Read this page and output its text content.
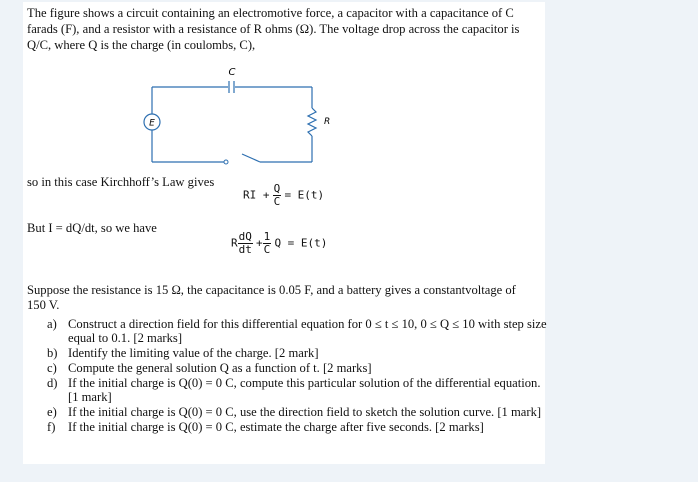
The figure shows a circuit containing an electromotive force, a capacitor with a capacitance of C farads (F), and a resistor with a resistance of R ohms (Ω). The voltage drop across the capacitor is Q/C, where Q is the charge (in coulombs, C),
C
E	R
so in this case Kirchhoff’s Law gives
RI + $\frac{Q}{C} = E(t)$
But I = dQ/dt, so we have
R $\frac{dQ}{dt} + \frac{1}{C}$ Q = E(t)
Suppose the resistance is 15 Ω, the capacitance is 0.05 F, and a battery gives a constantvoltage of 150 V.
a) Construct a direction field for this differential equation for 0 ≤ t ≤ 10, 0 ≤ Q ≤ 10 with step size equal to 0.1. [2 marks]
b) Identify the limiting value of the charge. [2 mark]
c) Compute the general solution Q as a function of t. [2 marks]
d) If the initial charge is Q(0) = 0 C, compute this particular solution of the differential equation. [1 mark]
e) If the initial charge is Q(0) = 0 C, use the direction field to sketch the solution curve. [1 mark]
f) If the initial charge is Q(0) = 0 C, estimate the charge after five seconds. [2 marks]
